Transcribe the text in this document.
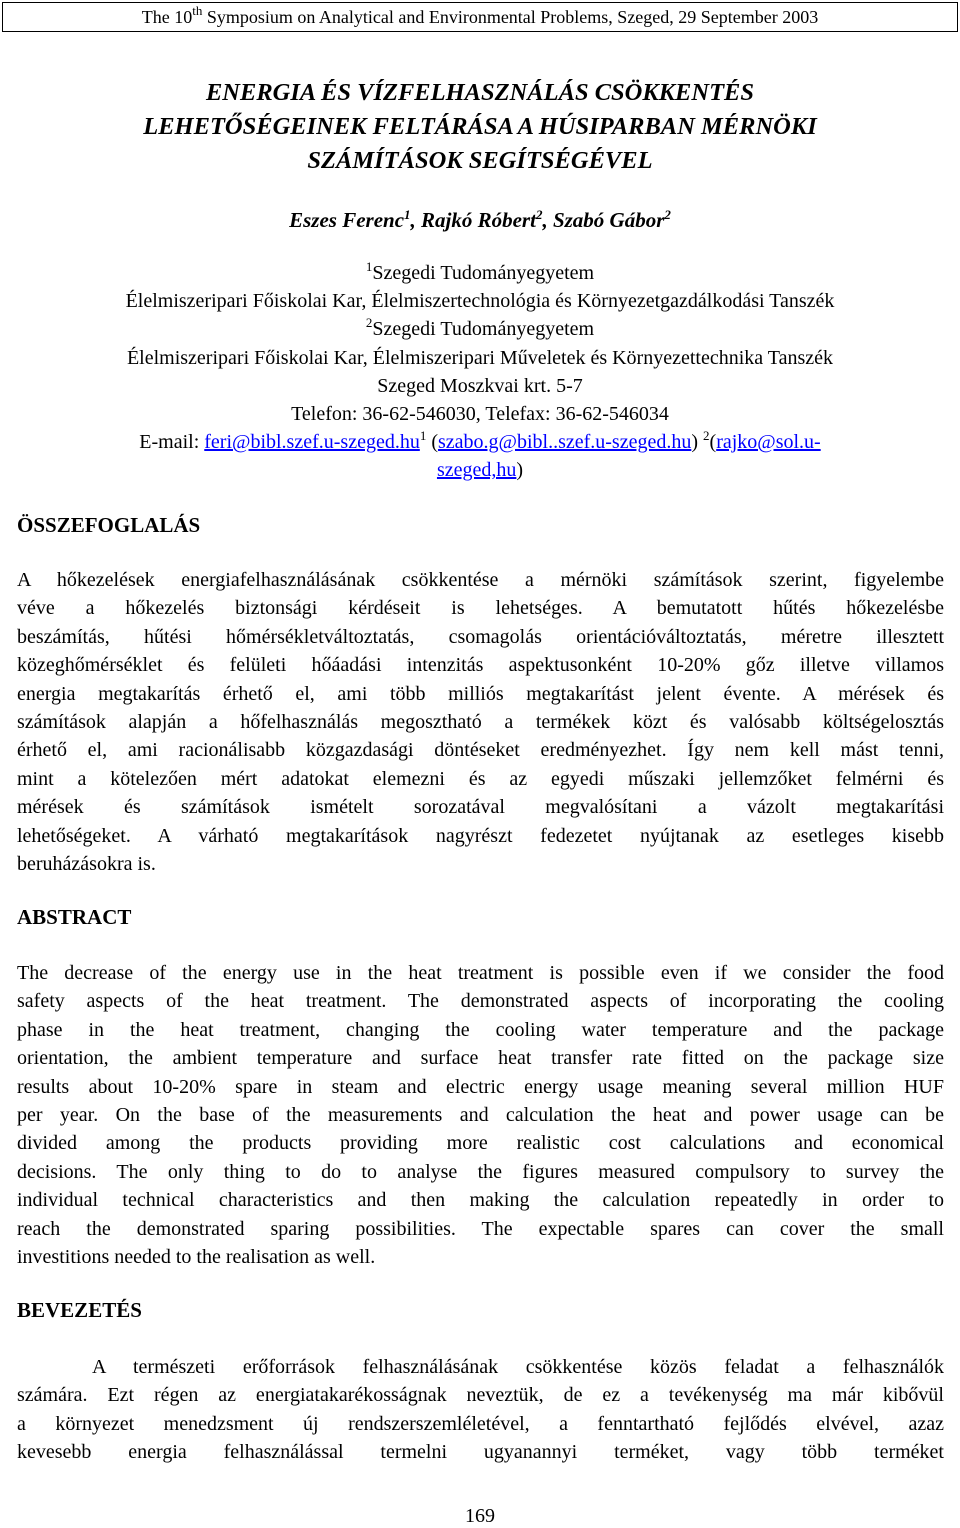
The 10th Symposium on Analytical and Environmental Problems, Szeged, 29 September 2003
ENERGIA ÉS VÍZFELHASZNÁLÁS CSÖKKENTÉS
LEHETŐSÉGEINEK FELTÁRÁSA A HÚSIPARBAN MÉRNÖKI
SZÁMÍTÁSOK SEGÍTSÉGÉVEL
Eszes Ferenc$^1$, Rajkó Róbert$^2$, Szabó Gábor$^2$
$^1$Szegedi Tudományegyetem
Élelmiszeripari Főiskolai Kar, Élelmiszertechnológia és Környezetgazdálkodási Tanszék
$^2$Szegedi Tudományegyetem
Élelmiszeripari Főiskolai Kar, Élelmiszeripari Műveletek és Környezettechnika Tanszék
Szeged Moszkvai krt. 5-7
Telefon: 36-62-546030, Telefax: 36-62-546034
E-mail: $feri@bibl.szef.u-szeged.hu^1$ (szabo.g@bibl..szef.u-szeged.hu) $^2$(rajko@sol.u-
szeged,hu)
ÖSSZEFOGLALÁS
A hőkezelések energiafelhasználásának csökkentése a mérnöki számítások szerint, figyelembe
véve a hőkezelés biztonsági kérdéseit is lehetséges. A bemutatott hűtés hőkezelésbe
beszámítás, hűtési hőmérsékletváltoztatás, csomagolás orientációváltoztatás, méretre illesztett
közeghőmérséklet és felületi hőáadási intenzitás aspektusonként 10-20% gőz illetve villamos
energia megtakarítás érhető el, ami több milliós megtakarítást jelent évente. A mérések és
számítások alapján a hőfelhasználás megosztható a termékek közt és valósabb költségelosztás
érhető el, ami racionálisabb közgazdasági döntéseket eredményezhet. Így nem kell mást tenni,
mint a kötelezően mért adatokat elemezni és az egyedi műszaki jellemzőket felmérni és
mérések és számítások ismételt sorozatával megvalósítani a vázolt megtakarítási
lehetőségeket. A várható megtakarítások nagyrészt fedezetet nyújtanak az esetleges kisebb
beruházásokra is.
ABSTRACT
The decrease of the energy use in the heat treatment is possible even if we consider the food
safety aspects of the heat treatment. The demonstrated aspects of incorporating the cooling
phase in the heat treatment, changing the cooling water temperature and the package
orientation, the ambient temperature and surface heat transfer rate fitted on the package size
results about 10-20% spare in steam and electric energy usage meaning several million HUF
per year. On the base of the measurements and calculation the heat and power usage can be
divided among the products providing more realistic cost calculations and economical
decisions. The only thing to do to analyse the figures measured compulsory to survey the
individual technical characteristics and then making the calculation repeatedly in order to
reach the demonstrated sparing possibilities. The expectable spares can cover the small
investitions needed to the realisation as well.
BEVEZETÉS
A természeti erőforrások felhasználásának csökkentése közös feladat a felhasználók
számára. Ezt régen az energiatakarékosságnak neveztük, de ez a tevékenység ma már kibővül
a környezet menedzsment új rendszerszemléletével, a fenntartható fejlődés elvével, azaz
kevesebb energia felhasználással termelni ugyanannyi terméket, vagy több terméket
169
